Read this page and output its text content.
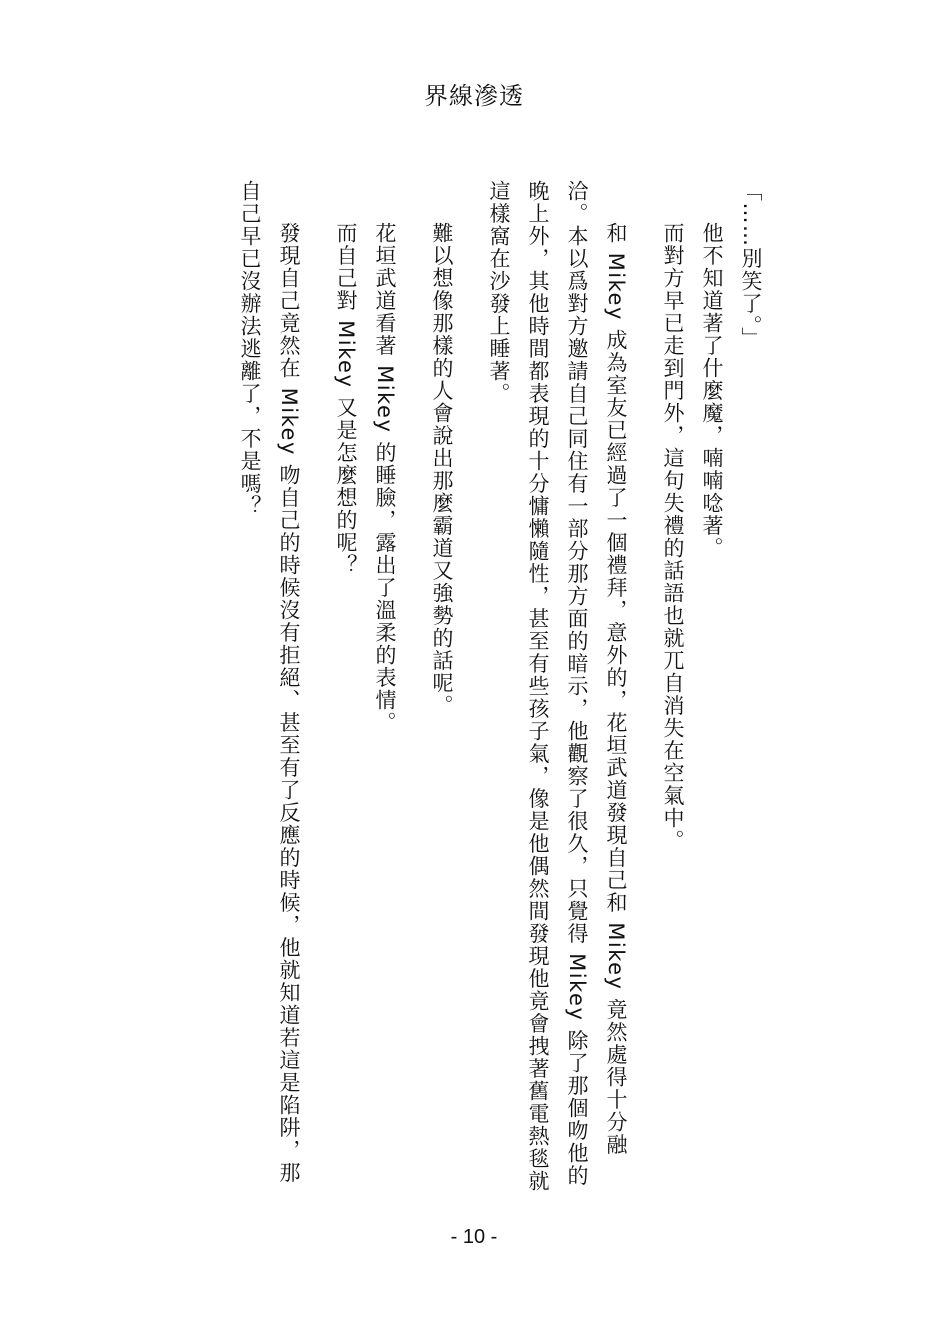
界線滲透

「……別笑了。」

他不知道著了什麼魔，喃喃唸著。

而對方早已走到門外，這句失禮的話語也就兀自消失在空氣中。

和 Mikey 成為室友已經過了一個禮拜，意外的，花垣武道發現自己和 Mikey 竟然處得十分融洽。本以爲對方邀請自己同住有一部分那方面的暗示，他觀察了很久，只覺得 Mikey 除了那個吻他的晚上外，其他時間都表現的十分慵懶隨性，甚至有些孩子氣，像是他偶然間發現他竟會拽著舊電熱毯就這樣窩在沙發上睡著。

難以想像那樣的人會說出那麼霸道又強勢的話呢。

花垣武道看著 Mikey 的睡臉，露出了溫柔的表情。

而自己對 Mikey 又是怎麼想的呢？

發現自己竟然在 Mikey 吻自己的時候沒有拒絕、甚至有了反應的時候，他就知道若這是陷阱，那自己早已沒辦法逃離了，不是嗎？

- 10 -
